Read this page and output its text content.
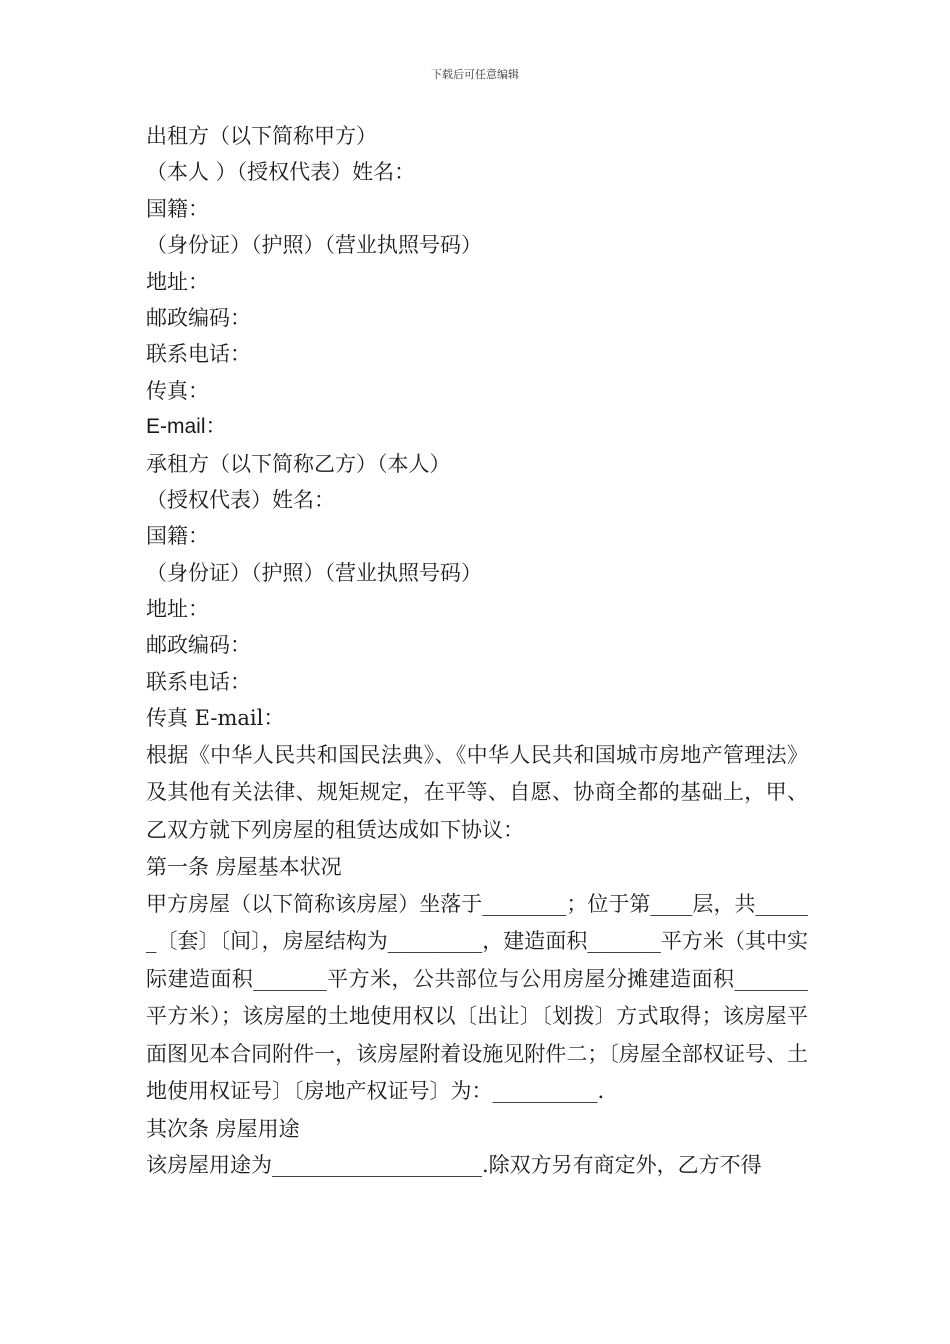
下载后可任意编辑
出租方（以下简称甲方）
（本人 ）（授权代表）姓名：
国籍：
（身份证）（护照）（营业执照号码）
地址：
邮政编码：
联系电话：
传真：
E-mail：
承租方（以下简称乙方）（本人）
（授权代表）姓名：
国籍：
（身份证）（护照）（营业执照号码）
地址：
邮政编码：
联系电话：
传真 E-mail：
根据《中华人民共和国民法典》、《中华人民共和国城市房地产管理法》及其他有关法律、规矩规定，在平等、自愿、协商全都的基础上，甲、乙双方就下列房屋的租赁达成如下协议：
第一条 房屋基本状况
甲方房屋（以下简称该房屋）坐落于________；位于第____层，共______〔套〕〔间〕，房屋结构为_________，建造面积_______平方米（其中实际建造面积_______平方米，公共部位与公用房屋分摊建造面积_______平方米）；该房屋的土地使用权以〔出让〕〔划拨〕方式取得；该房屋平面图见本合同附件一，该房屋附着设施见附件二；〔房屋全部权证号、土地使用权证号〕〔房地产权证号〕为：__________.
其次条 房屋用途
该房屋用途为____________________.除双方另有商定外，乙方不得
